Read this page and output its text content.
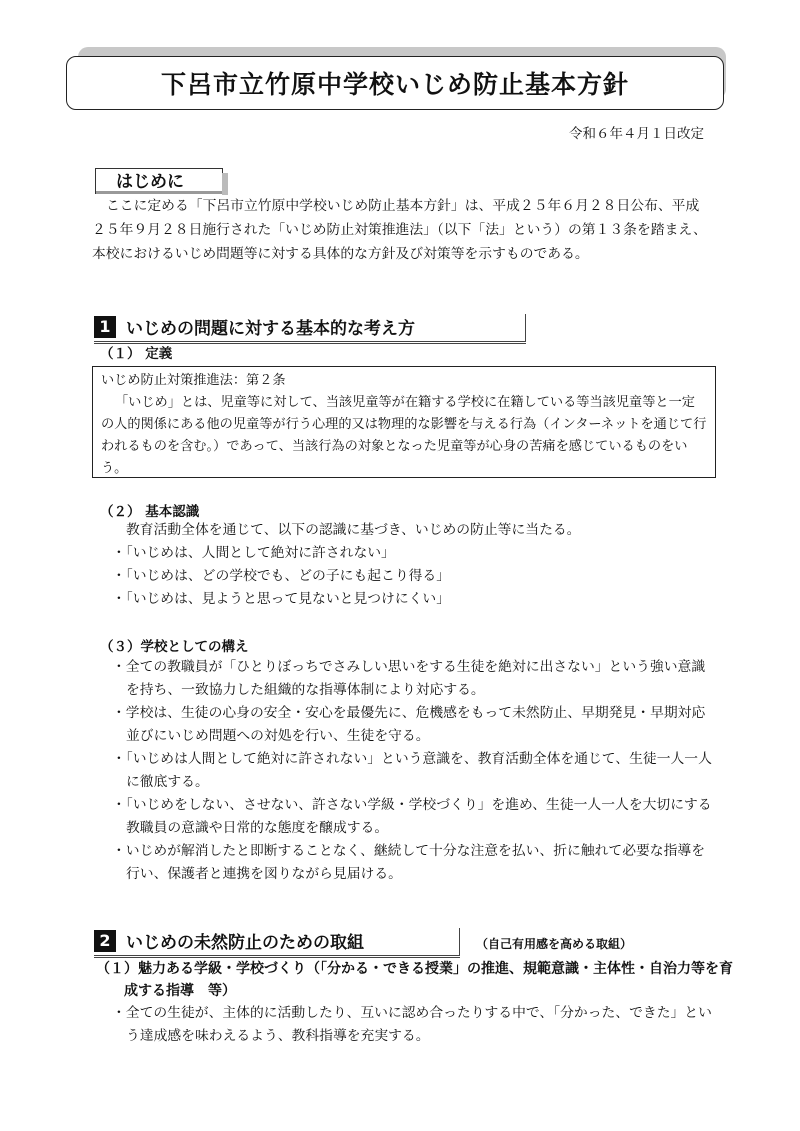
下呂市立竹原中学校いじめ防止基本方針
令和６年４月１日改定
はじめに
ここに定める「下呂市立竹原中学校いじめ防止基本方針」は、平成２５年６月２８日公布、平成２５年９月２８日施行された「いじめ防止対策推進法」（以下「法」という）の第１３条を踏まえ、本校におけるいじめ問題等に対する具体的な方針及び対策等を示すものである。
1 いじめの問題に対する基本的な考え方
（１） 定義
いじめ防止対策推進法：第２条
「いじめ」とは、児童等に対して、当該児童等が在籍する学校に在籍している等当該児童等と一定の人的関係にある他の児童等が行う心理的又は物理的な影響を与える行為（インターネットを通じて行われるものを含む。）であって、当該行為の対象となった児童等が心身の苦痛を感じているものをいう。
（２） 基本認識
教育活動全体を通じて、以下の認識に基づき、いじめの防止等に当たる。
・「いじめは、人間として絶対に許されない」
・「いじめは、どの学校でも、どの子にも起こり得る」
・「いじめは、見ようと思って見ないと見つけにくい」
（３）学校としての構え
・全ての教職員が「ひとりぼっちでさみしい思いをする生徒を絶対に出さない」という強い意識を持ち、一致協力した組織的な指導体制により対応する。
・学校は、生徒の心身の安全・安心を最優先に、危機感をもって未然防止、早期発見・早期対応並びにいじめ問題への対処を行い、生徒を守る。
・「いじめは人間として絶対に許されない」という意識を、教育活動全体を通じて、生徒一人一人に徹底する。
・「いじめをしない、させない、許さない学級・学校づくり」を進め、生徒一人一人を大切にする教職員の意識や日常的な態度を醸成する。
・いじめが解消したと即断することなく、継続して十分な注意を払い、折に触れて必要な指導を行い、保護者と連携を図りながら見届ける。
2 いじめの未然防止のための取組	（自己有用感を高める取組）
（１）魅力ある学級・学校づくり（「分かる・できる授業」の推進、規範意識・主体性・自治力等を育成する指導　等）
・全ての生徒が、主体的に活動したり、互いに認め合ったりする中で、「分かった、できた」という達成感を味わえるよう、教科指導を充実する。
